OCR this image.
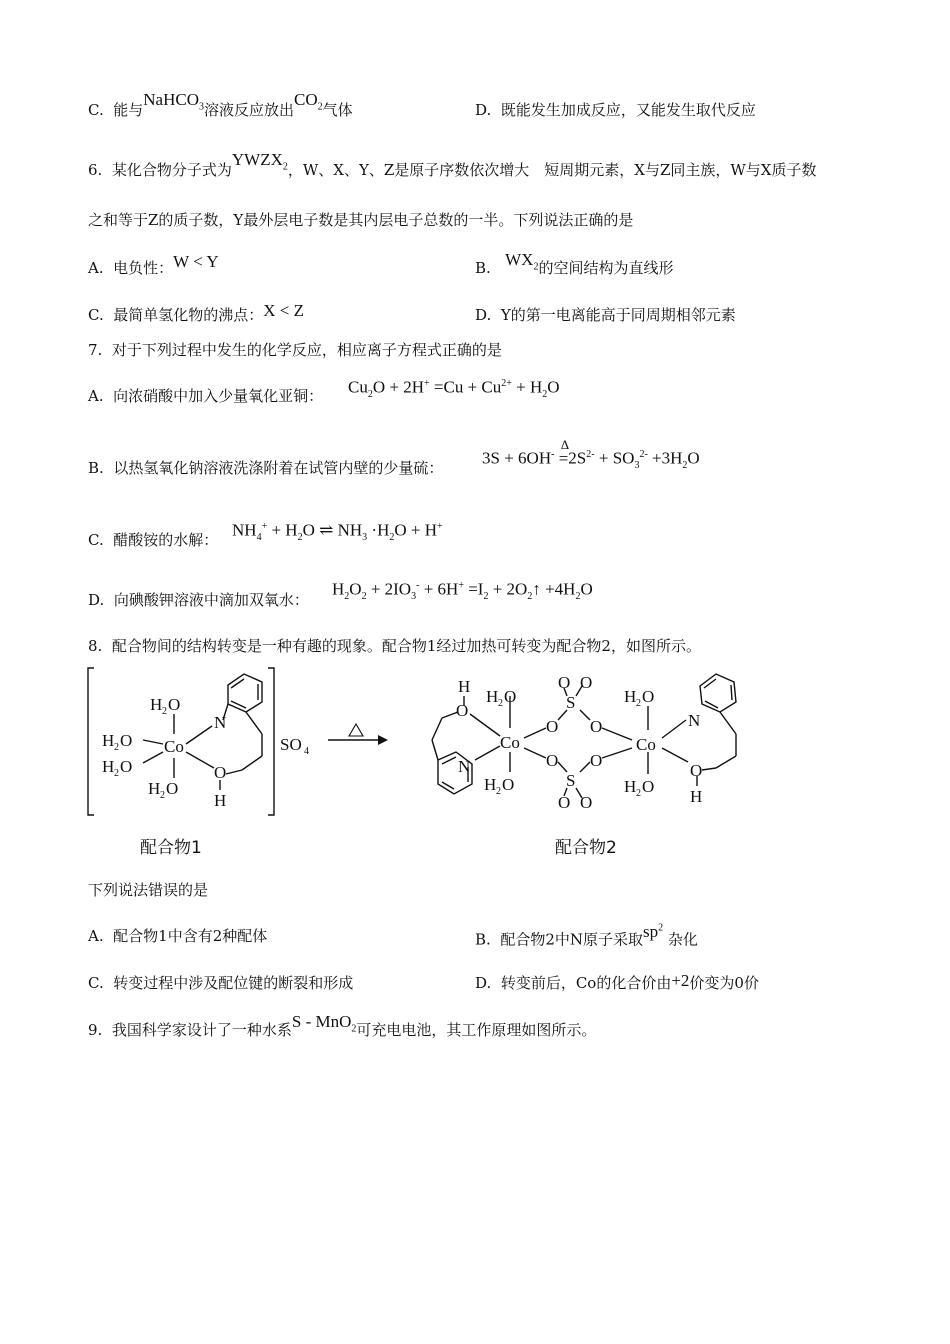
C. 能与NaHCO$_3$溶液反应放出$CO_2$气体	D. 既能发生加成反应，又能发生取代反应
6. 某化合物分子式为$YWZX_2$，W、X、Y、Z是原子序数依次增大　短周期元素，X与Z同主族，W与X质子数
之和等于Z的质子数，Y最外层电子数是其内层电子总数的一半。下列说法正确的是
A. 电负性：W < Y	B. $WX_2$的空间结构为直线形
C. 最简单氢化物的沸点：X < Z	D. Y的第一电离能高于同周期相邻元素
7. 对于下列过程中发生的化学反应，相应离子方程式正确的是
A. 向浓硝酸中加入少量氧化亚铜： $Cu_2O + 2H^+ =Cu + Cu^{2+} + H_2O$
B. 以热氢氧化钠溶液洗涤附着在试管内壁的少量硫：
3S + 6OH-
Δ
$=2S^{2-} + SO_3^{2-} +3H_2O$
C. 醋酸铵的水解：
$NH_4^+ + H_2O$ ⇌ $NH_3 \cdot H_2O + H^+$
D. 向碘酸钾溶液中滴加双氧水：
$H_2O_2 + 2IO_3^- + 6H^+ =I_2$ + $2O_2↑ +4H_2O$
8. 配合物间的结构转变是一种有趣的现象。配合物1经过加热可转变为配合物2，如图所示。
H 2 O
H 2 O Co
H 2 O
H 2 O
N
O
H
SO 4
H
O
H 2 O
Co
N
H 2 O
O
O
S
O O
S
O O
O
O
H 2 O
Co
N
H 2 O
O
H
配合物1	配合物2
下列说法错误的是
A. 配合物1中含有2种配体	B. 配合物2中N原子采取$sp^2$ 杂化
C. 转变过程中涉及配位键的断裂和形成	D. 转变前后，Co的化合价由+2价变为0价
9. 我国科学家设计了一种水系S - MnO$_2$可充电电池，其工作原理如图所示。
